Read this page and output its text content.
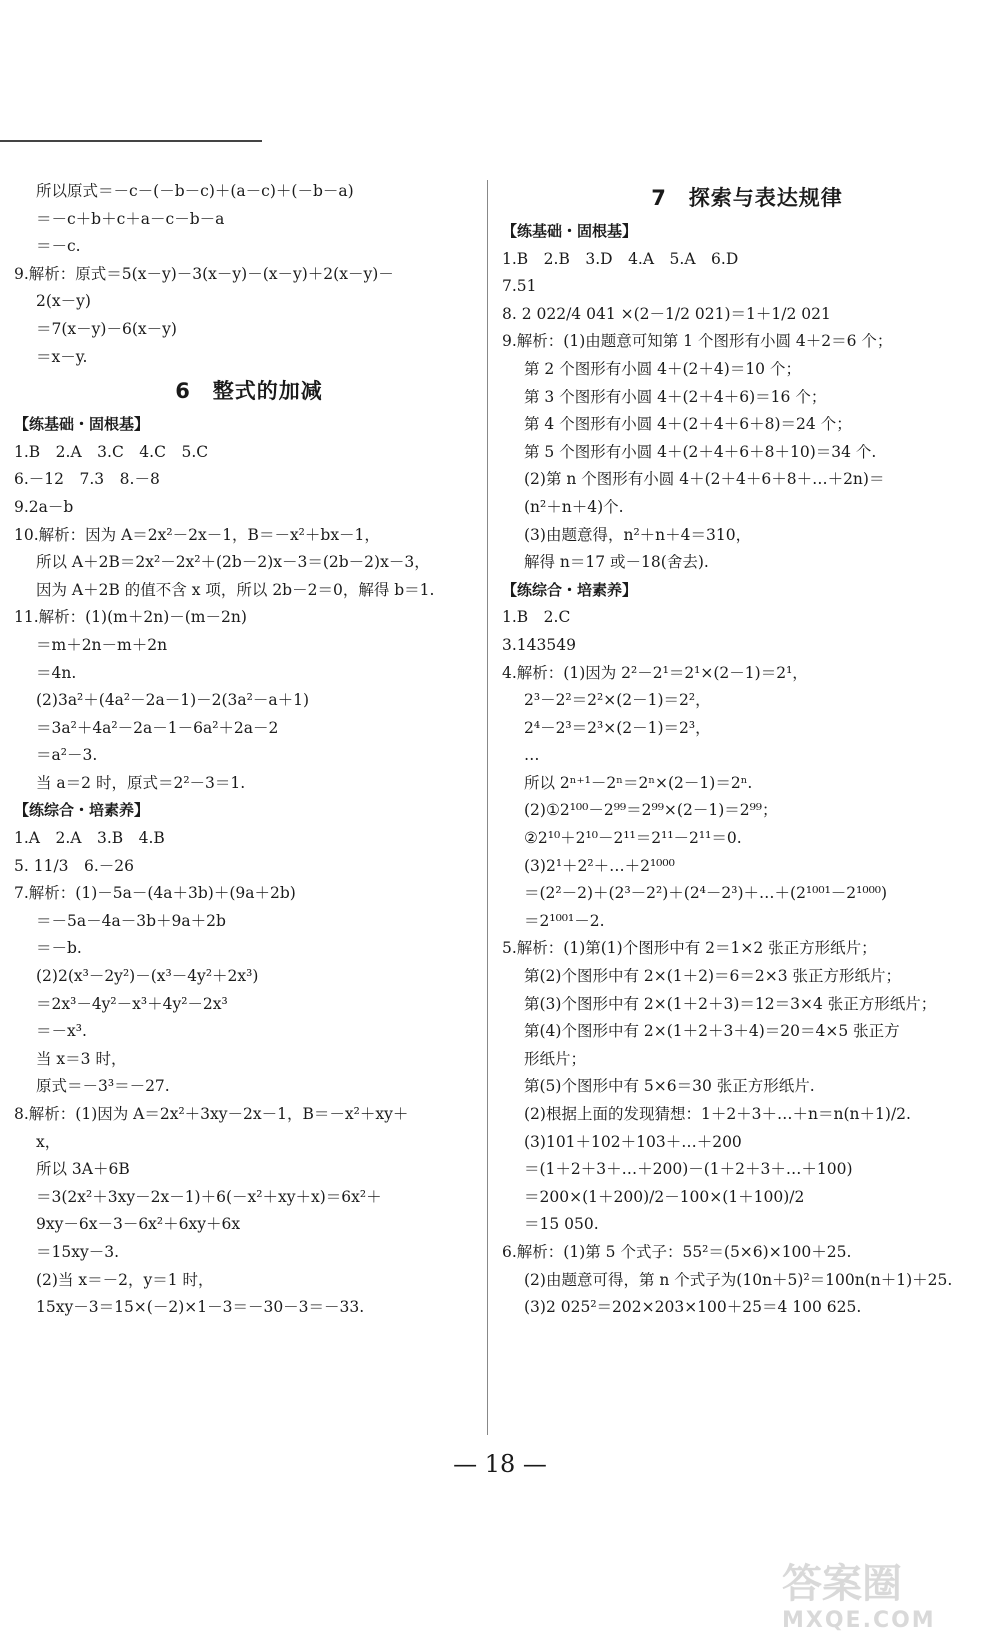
所以原式＝－c－(－b－c)＋(a－c)＋(－b－a)
＝－c＋b＋c＋a－c－b－a
＝－c.
9.解析：原式＝5(x－y)－3(x－y)－(x－y)＋2(x－y)－
2(x－y)
＝7(x－y)－6(x－y)
＝x－y.
6　整式的加减
【练基础・固根基】
1.B　2.A　3.C　4.C　5.C
6.－12　7.3　8.－8
9.2a－b
10.解析：因为 A＝2x²－2x－1，B＝－x²＋bx－1，
所以 A＋2B＝2x²－2x²＋(2b－2)x－3＝(2b－2)x－3，
因为 A＋2B 的值不含 x 项，所以 2b－2＝0，解得 b＝1.
11.解析：(1)(m＋2n)－(m－2n)
＝m＋2n－m＋2n
＝4n.
(2)3a²＋(4a²－2a－1)－2(3a²－a＋1)
＝3a²＋4a²－2a－1－6a²＋2a－2
＝a²－3.
当 a＝2 时，原式＝2²－3＝1.
【练综合・培素养】
1.A　2.A　3.B　4.B
5. 11/3　6.－26
7.解析：(1)－5a－(4a＋3b)＋(9a＋2b)
＝－5a－4a－3b＋9a＋2b
＝－b.
(2)2(x³－2y²)－(x³－4y²＋2x³)
＝2x³－4y²－x³＋4y²－2x³
＝－x³.
当 x＝3 时，
原式＝－3³＝－27.
8.解析：(1)因为 A＝2x²＋3xy－2x－1，B＝－x²＋xy＋
x，
所以 3A＋6B
＝3(2x²＋3xy－2x－1)＋6(－x²＋xy＋x)＝6x²＋
9xy－6x－3－6x²＋6xy＋6x
＝15xy－3.
(2)当 x＝－2，y＝1 时，
15xy－3＝15×(－2)×1－3＝－30－3＝－33.
7　探索与表达规律
【练基础・固根基】
1.B　2.B　3.D　4.A　5.A　6.D
7.51
8. 2 022/4 041 ×(2－1/2 021)＝1＋1/2 021
9.解析：(1)由题意可知第 1 个图形有小圆 4＋2＝6 个；
第 2 个图形有小圆 4＋(2＋4)＝10 个；
第 3 个图形有小圆 4＋(2＋4＋6)＝16 个；
第 4 个图形有小圆 4＋(2＋4＋6＋8)＝24 个；
第 5 个图形有小圆 4＋(2＋4＋6＋8＋10)＝34 个.
(2)第 n 个图形有小圆 4＋(2＋4＋6＋8＋…＋2n)＝
(n²＋n＋4)个.
(3)由题意得，n²＋n＋4＝310，
解得 n＝17 或－18(舍去).
【练综合・培素养】
1.B　2.C
3.143549
4.解析：(1)因为 2²－2¹＝2¹×(2－1)＝2¹，
2³－2²＝2²×(2－1)＝2²，
2⁴－2³＝2³×(2－1)＝2³，
…
所以 2ⁿ⁺¹－2ⁿ＝2ⁿ×(2－1)＝2ⁿ.
(2)①2¹⁰⁰－2⁹⁹＝2⁹⁹×(2－1)＝2⁹⁹；
②2¹⁰＋2¹⁰－2¹¹＝2¹¹－2¹¹＝0.
(3)2¹＋2²＋…＋2¹⁰⁰⁰
＝(2²－2)＋(2³－2²)＋(2⁴－2³)＋…＋(2¹⁰⁰¹－2¹⁰⁰⁰)
＝2¹⁰⁰¹－2.
5.解析：(1)第(1)个图形中有 2＝1×2 张正方形纸片；
第(2)个图形中有 2×(1＋2)＝6＝2×3 张正方形纸片；
第(3)个图形中有 2×(1＋2＋3)＝12＝3×4 张正方形纸片；
第(4)个图形中有 2×(1＋2＋3＋4)＝20＝4×5 张正方
形纸片；
第(5)个图形中有 5×6＝30 张正方形纸片.
(2)根据上面的发现猜想：1＋2＋3＋…＋n＝n(n＋1)/2.
(3)101＋102＋103＋…＋200
＝(1＋2＋3＋…＋200)－(1＋2＋3＋…＋100)
＝200×(1＋200)/2－100×(1＋100)/2
＝15 050.
6.解析：(1)第 5 个式子：55²＝(5×6)×100＋25.
(2)由题意可得，第 n 个式子为(10n＋5)²＝100n(n＋1)＋25.
(3)2 025²＝202×203×100＋25＝4 100 625.
— 18 —
答案圈
MXQE.COM
